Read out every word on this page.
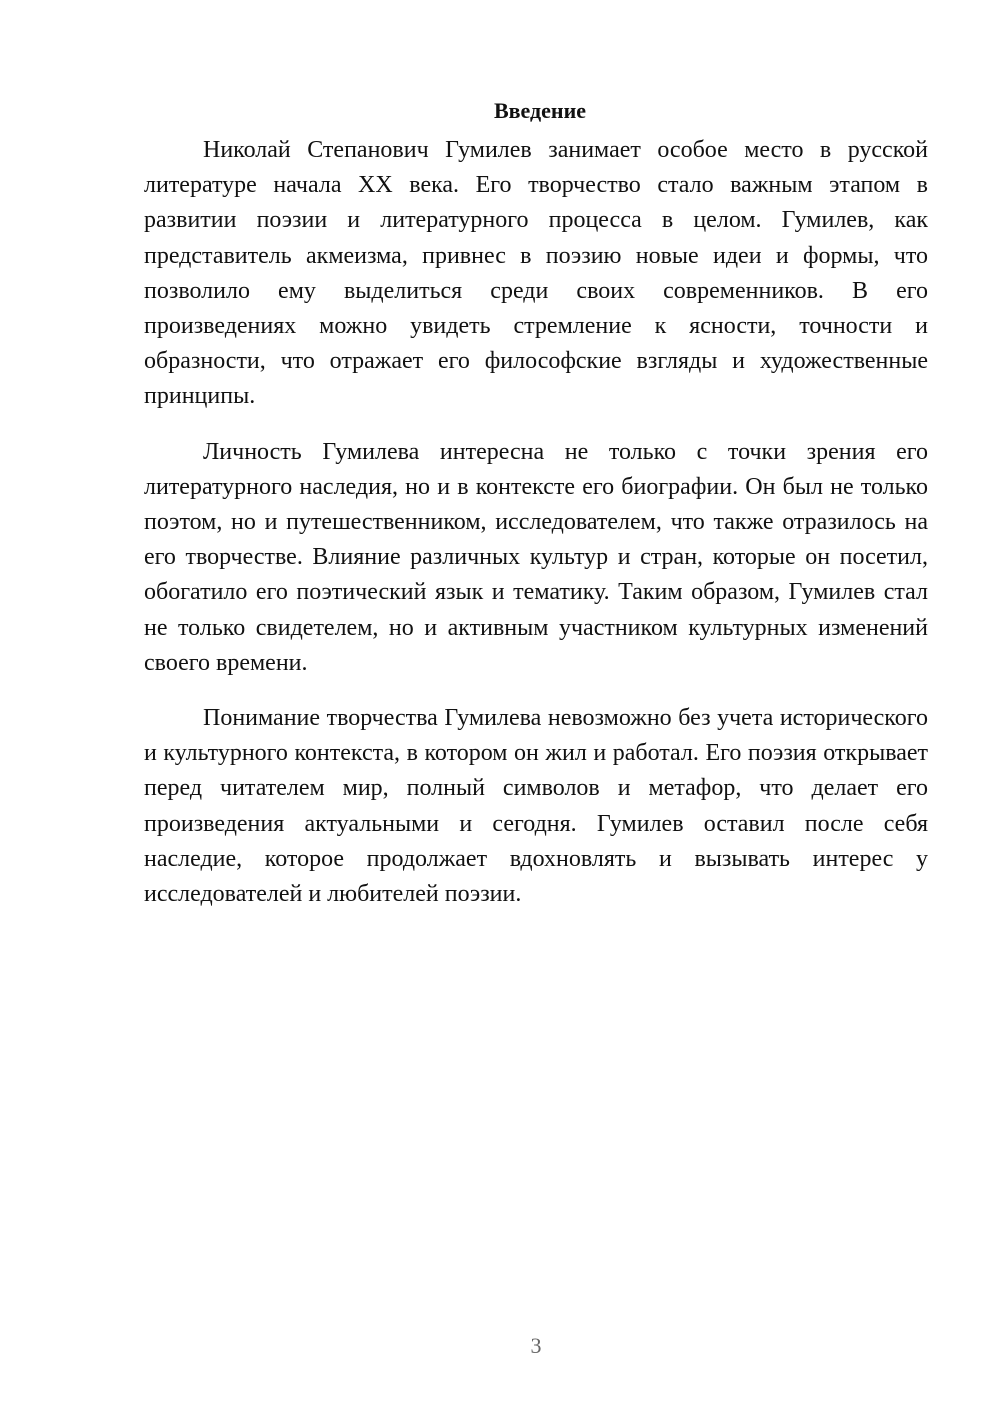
Введение

Николай Степанович Гумилев занимает особое место в русской литературе начала XX века. Его творчество стало важным этапом в развитии поэзии и литературного процесса в целом. Гумилев, как представитель акмеизма, привнес в поэзию новые идеи и формы, что позволило ему выделиться среди своих современников. В его произведениях можно увидеть стремление к ясности, точности и образности, что отражает его философские взгляды и художественные принципы.

Личность Гумилева интересна не только с точки зрения его литературного наследия, но и в контексте его биографии. Он был не только поэтом, но и путешественником, исследователем, что также отразилось на его творчестве. Влияние различных культур и стран, которые он посетил, обогатило его поэтический язык и тематику. Таким образом, Гумилев стал не только свидетелем, но и активным участником культурных изменений своего времени.

Понимание творчества Гумилева невозможно без учета исторического и культурного контекста, в котором он жил и работал. Его поэзия открывает перед читателем мир, полный символов и метафор, что делает его произведения актуальными и сегодня. Гумилев оставил после себя наследие, которое продолжает вдохновлять и вызывать интерес у исследователей и любителей поэзии.

3
